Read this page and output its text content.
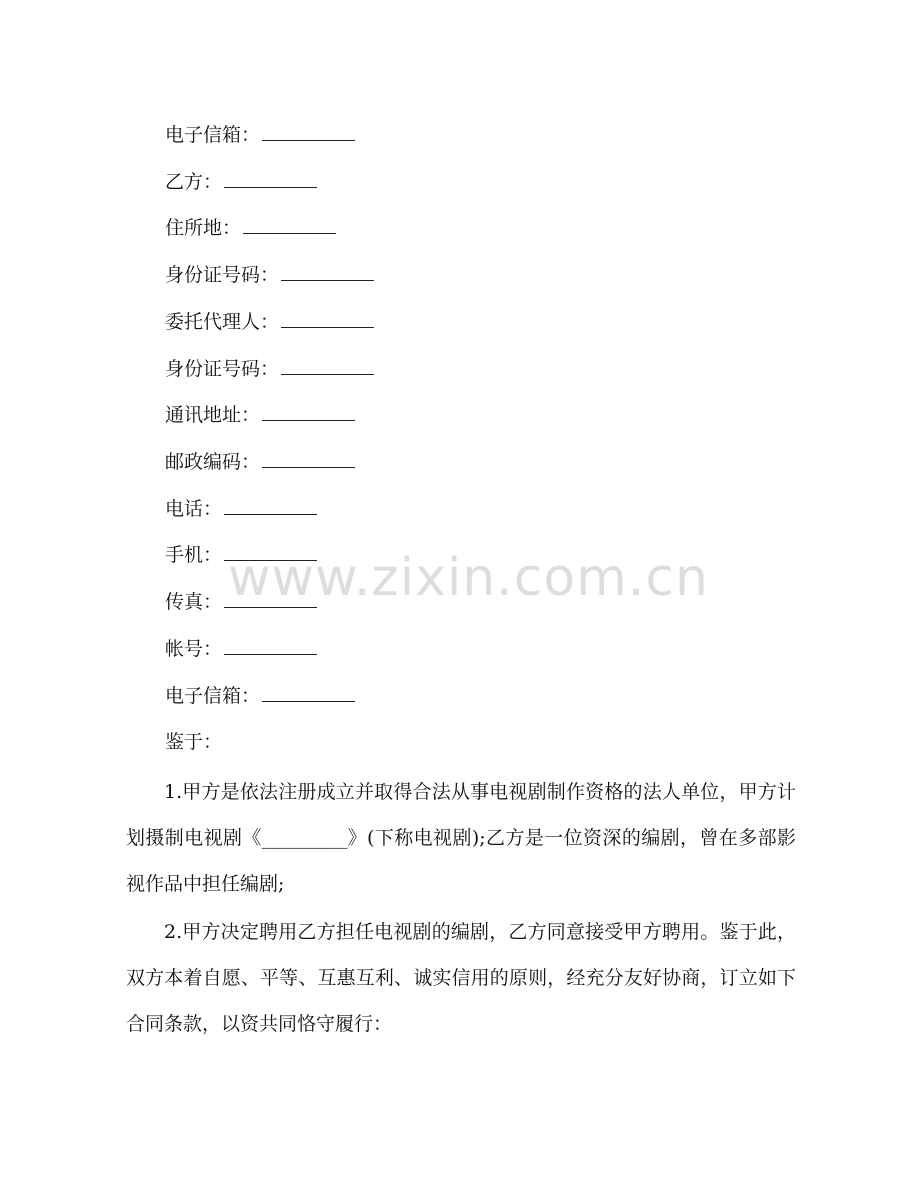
电子信箱：
乙方：
住所地：
身份证号码：
委托代理人：
身份证号码：
通讯地址：
邮政编码：
电话：
手机：
传真：
帐号：
电子信箱：
鉴于：
1.甲方是依法注册成立并取得合法从事电视剧制作资格的法人单位，甲方计划摄制电视剧《_________》(下称电视剧);乙方是一位资深的编剧，曾在多部影视作品中担任编剧;
2.甲方决定聘用乙方担任电视剧的编剧，乙方同意接受甲方聘用。鉴于此，双方本着自愿、平等、互惠互利、诚实信用的原则，经充分友好协商，订立如下合同条款，以资共同恪守履行：
www.zixin.com.cn
